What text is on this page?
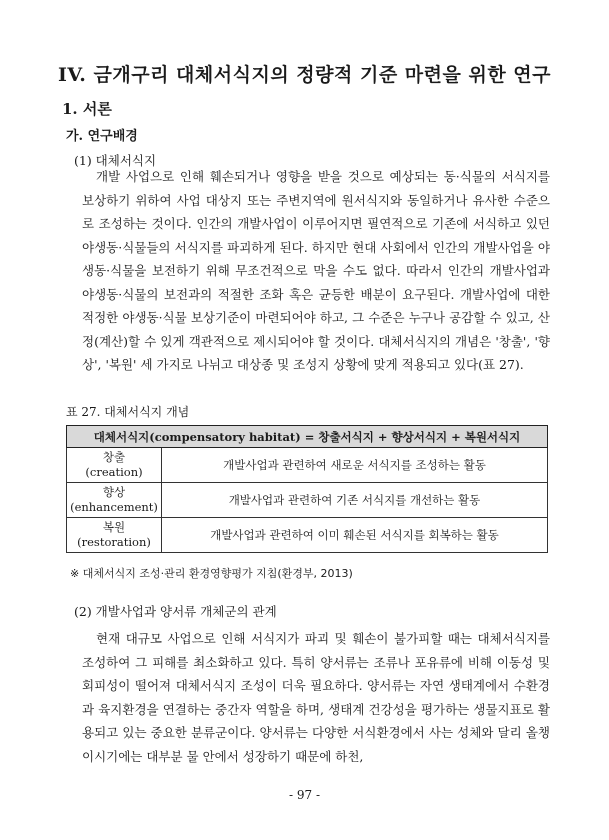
IV. 금개구리 대체서식지의 정량적 기준 마련을 위한 연구
1. 서론
가. 연구배경
(1) 대체서식지

개발 사업으로 인해 훼손되거나 영향을 받을 것으로 예상되는 동·식물의 서식지를 보상하기 위하여 사업 대상지 또는 주변지역에 원서식지와 동일하거나 유사한 수준으로 조성하는 것이다. 인간의 개발사업이 이루어지면 필연적으로 기존에 서식하고 있던 야생동·식물들의 서식지를 파괴하게 된다. 하지만 현대 사회에서 인간의 개발사업을 야생동·식물을 보전하기 위해 무조건적으로 막을 수도 없다. 따라서 인간의 개발사업과 야생동·식물의 보전과의 적절한 조화 혹은 균등한 배분이 요구된다. 개발사업에 대한 적정한 야생동·식물 보상기준이 마련되어야 하고, 그 수준은 누구나 공감할 수 있고, 산정(계산)할 수 있게 객관적으로 제시되어야 할 것이다. 대체서식지의 개념은 '창출', '향상', '복원' 세 가지로 나뉘고 대상종 및 조성지 상황에 맞게 적용되고 있다(표 27).

표 27. 대체서식지 개념
대체서식지(compensatory habitat) = 창출서식지 + 향상서식지 + 복원서식지	

창출
(creation)	개발사업과 관련하여 새로운 서식지를 조성하는 활동

향상
(enhancement)	개발사업과 관련하여 기존 서식지를 개선하는 활동

복원
(restoration)	개발사업과 관련하여 이미 훼손된 서식지를 회복하는 활동
※ 대체서식지 조성·관리 환경영향평가 지침(환경부, 2013)
(2) 개발사업과 양서류 개체군의 관계

현재 대규모 사업으로 인해 서식지가 파괴 및 훼손이 불가피할 때는 대체서식지를 조성하여 그 피해를 최소화하고 있다. 특히 양서류는 조류나 포유류에 비해 이동성 및 회피성이 떨어져 대체서식지 조성이 더욱 필요하다. 양서류는 자연 생태계에서 수환경과 육지환경을 연결하는 중간자 역할을 하며, 생태계 건강성을 평가하는 생물지표로 활용되고 있는 중요한 분류군이다. 양서류는 다양한 서식환경에서 사는 성체와 달리 올챙이시기에는 대부분 물 안에서 성장하기 때문에 하천,

- 97 -
